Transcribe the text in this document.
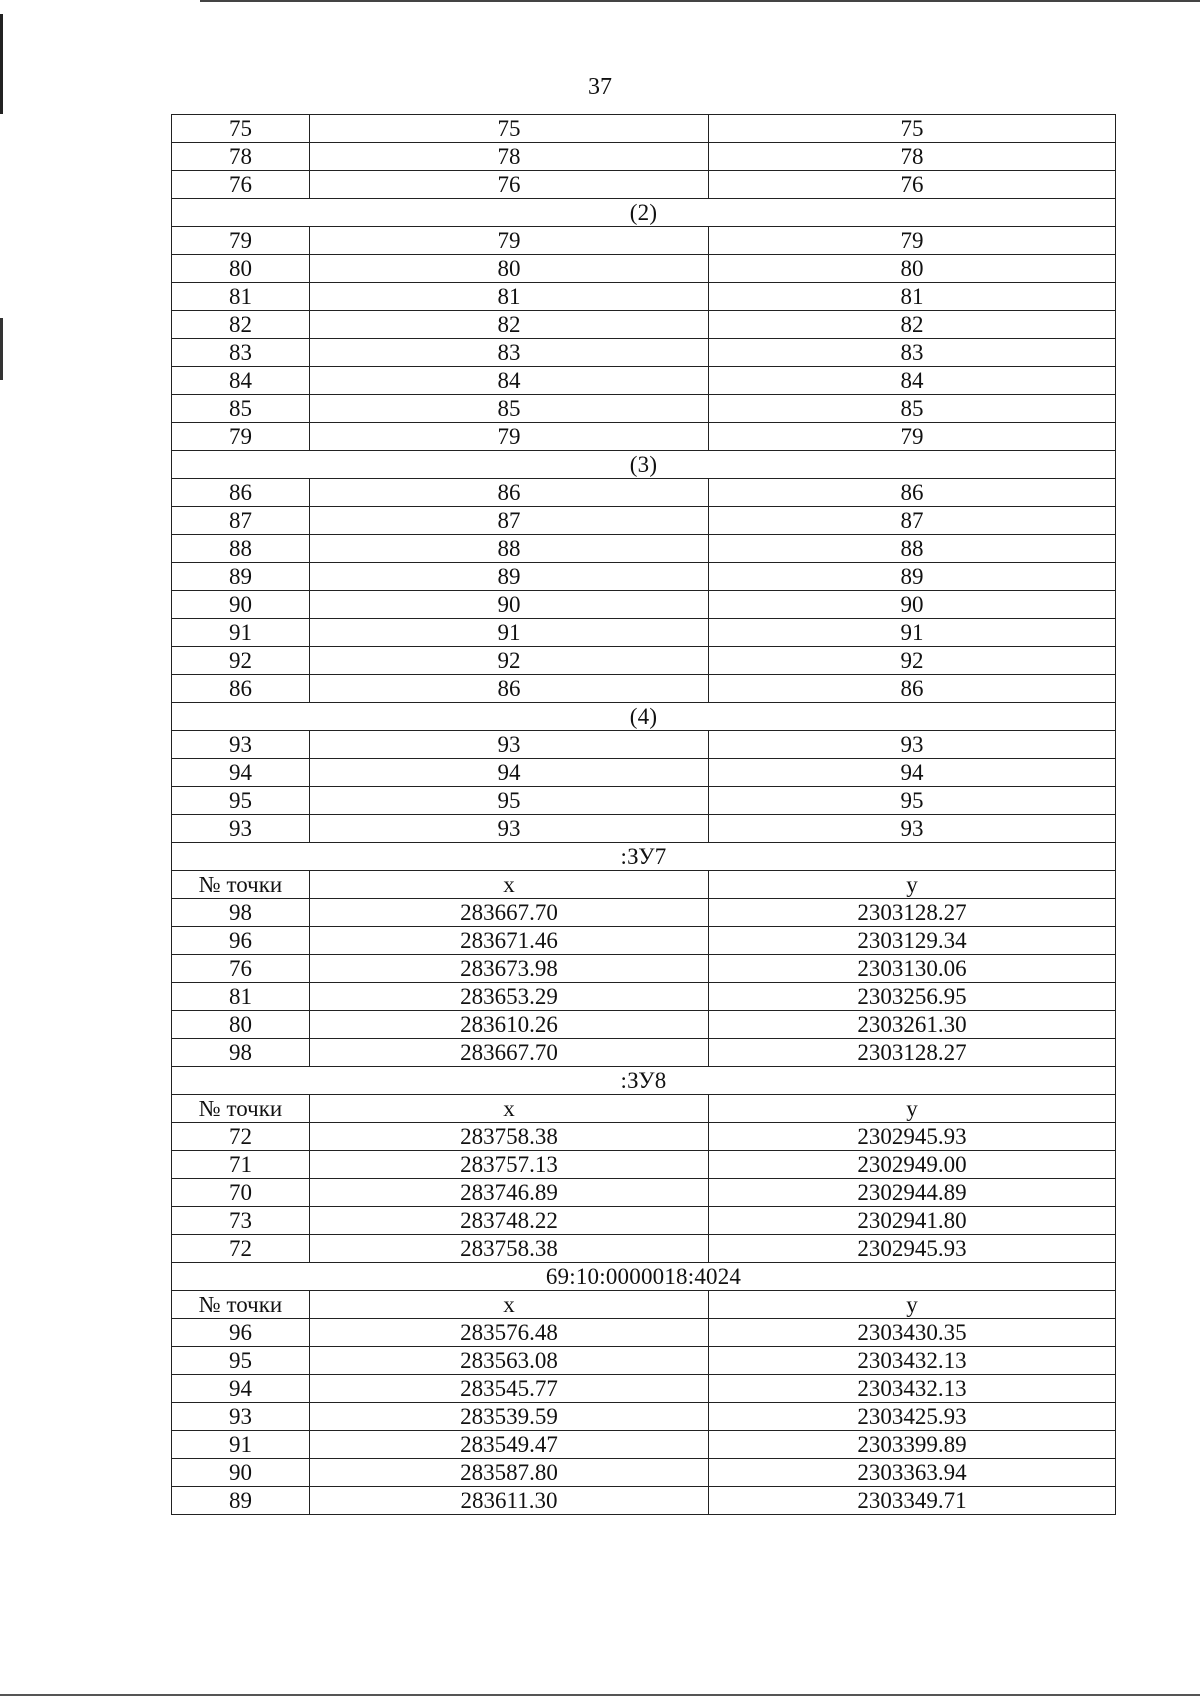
37
75	75	75
78	78	78
76	76	76
(2)		
79	79	79
80	80	80
81	81	81
82	82	82
83	83	83
84	84	84
85	85	85
79	79	79
(3)		
86	86	86
87	87	87
88	88	88
89	89	89
90	90	90
91	91	91
92	92	92
86	86	86
(4)		
93	93	93
94	94	94
95	95	95
93	93	93
:ЗУ7		
№ точки	x	y
98	283667.70	2303128.27
96	283671.46	2303129.34
76	283673.98	2303130.06
81	283653.29	2303256.95
80	283610.26	2303261.30
98	283667.70	2303128.27
:ЗУ8		
№ точки	x	y
72	283758.38	2302945.93
71	283757.13	2302949.00
70	283746.89	2302944.89
73	283748.22	2302941.80
72	283758.38	2302945.93
69:10:0000018:4024		
№ точки	x	y
96	283576.48	2303430.35
95	283563.08	2303432.13
94	283545.77	2303432.13
93	283539.59	2303425.93
91	283549.47	2303399.89
90	283587.80	2303363.94
89	283611.30	2303349.71
